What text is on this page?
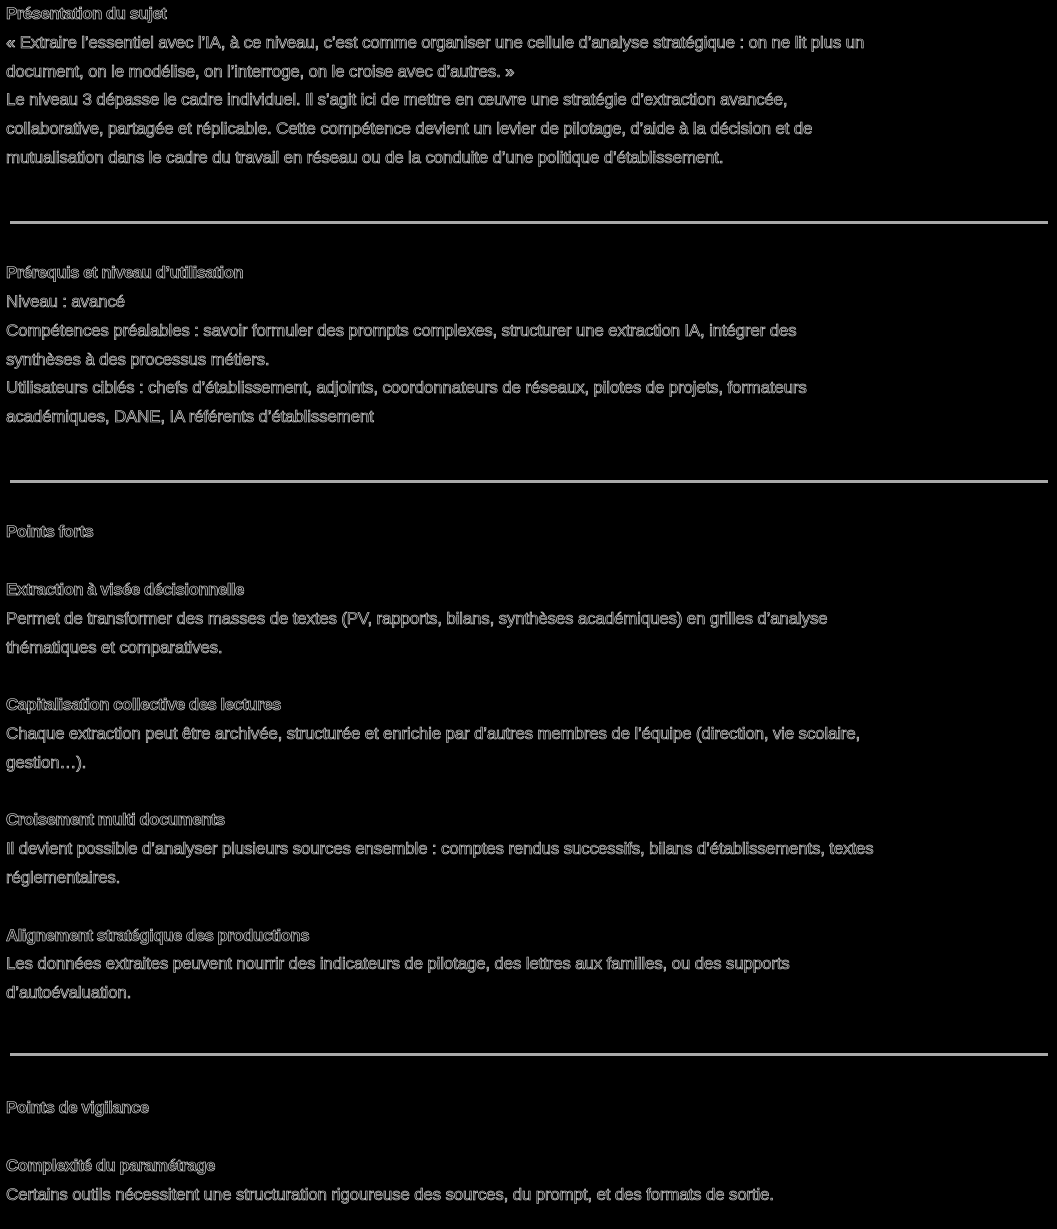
Présentation du sujet
« Extraire l’essentiel avec l’IA, à ce niveau, c’est comme organiser une cellule d’analyse stratégique : on ne lit plus un
document, on le modélise, on l’interroge, on le croise avec d’autres. »
Le niveau 3 dépasse le cadre individuel. Il s’agit ici de mettre en œuvre une stratégie d’extraction avancée,
collaborative, partagée et réplicable. Cette compétence devient un levier de pilotage, d’aide à la décision et de
mutualisation dans le cadre du travail en réseau ou de la conduite d’une politique d’établissement.
Prérequis et niveau d’utilisation
Niveau : avancé
Compétences préalables : savoir formuler des prompts complexes, structurer une extraction IA, intégrer des
synthèses à des processus métiers.
Utilisateurs ciblés : chefs d’établissement, adjoints, coordonnateurs de réseaux, pilotes de projets, formateurs
académiques, DANE, IA référents d’établissement
Points forts
Extraction à visée décisionnelle
Permet de transformer des masses de textes (PV, rapports, bilans, synthèses académiques) en grilles d’analyse
thématiques et comparatives.
Capitalisation collective des lectures
Chaque extraction peut être archivée, structurée et enrichie par d’autres membres de l’équipe (direction, vie scolaire,
gestion…).
Croisement multi documents
Il devient possible d’analyser plusieurs sources ensemble : comptes rendus successifs, bilans d’établissements, textes
réglementaires.
Alignement stratégique des productions
Les données extraites peuvent nourrir des indicateurs de pilotage, des lettres aux familles, ou des supports
d’autoévaluation.
Points de vigilance
Complexité du paramétrage
Certains outils nécessitent une structuration rigoureuse des sources, du prompt, et des formats de sortie.
